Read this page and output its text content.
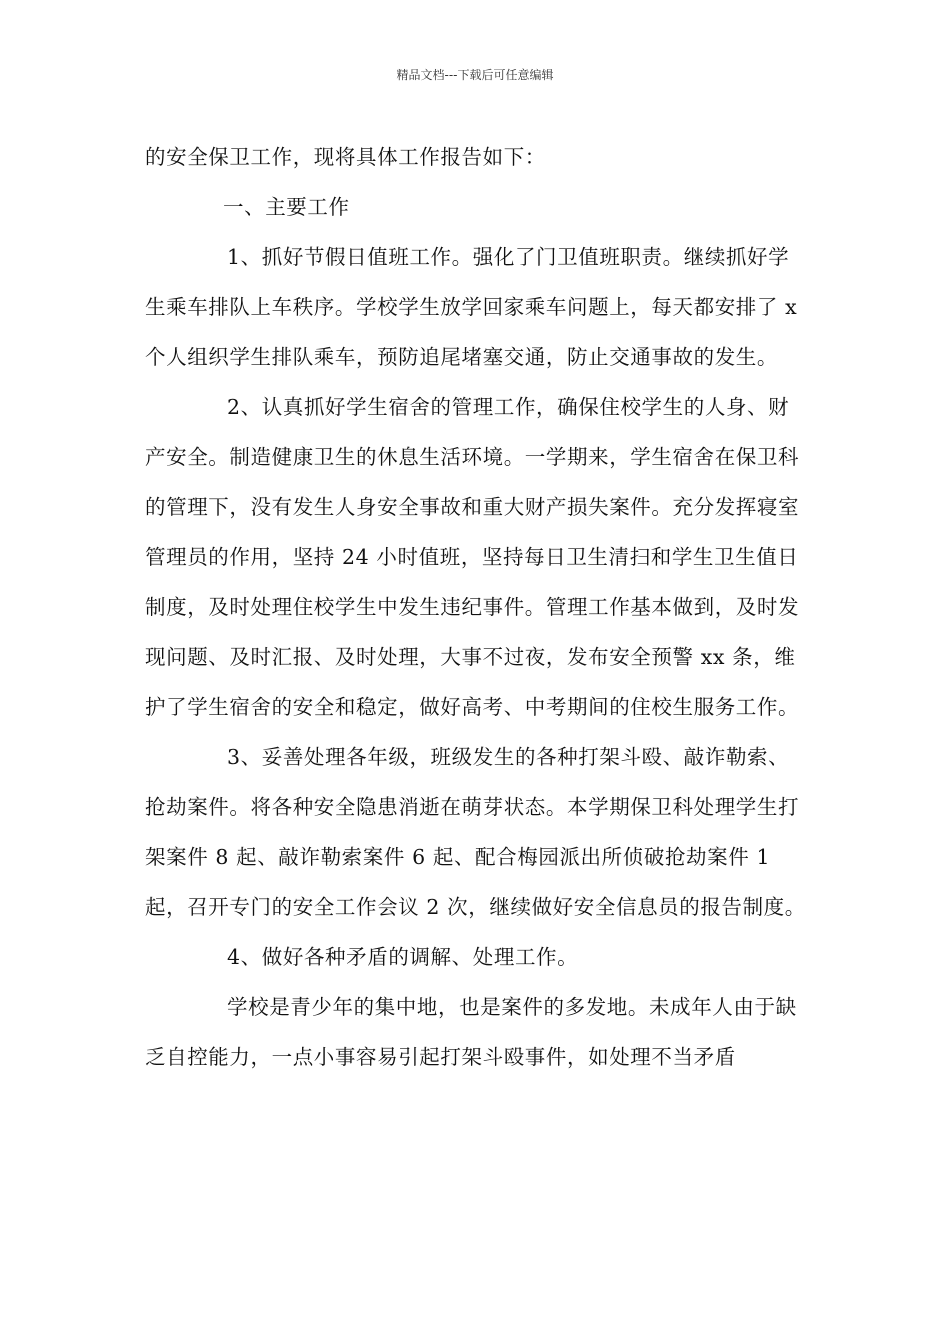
精品文档---下载后可任意编辑

的安全保卫工作，现将具体工作报告如下：

一、主要工作

1、抓好节假日值班工作。强化了门卫值班职责。继续抓好学生乘车排队上车秩序。学校学生放学回家乘车问题上，每天都安排了 x 个人组织学生排队乘车，预防追尾堵塞交通，防止交通事故的发生。

2、认真抓好学生宿舍的管理工作，确保住校学生的人身、财产安全。制造健康卫生的休息生活环境。一学期来，学生宿舍在保卫科的管理下，没有发生人身安全事故和重大财产损失案件。充分发挥寝室管理员的作用，坚持 24 小时值班，坚持每日卫生清扫和学生卫生值日制度，及时处理住校学生中发生违纪事件。管理工作基本做到，及时发现问题、及时汇报、及时处理，大事不过夜，发布安全预警 xx 条，维护了学生宿舍的安全和稳定，做好高考、中考期间的住校生服务工作。

3、妥善处理各年级，班级发生的各种打架斗殴、敲诈勒索、抢劫案件。将各种安全隐患消逝在萌芽状态。本学期保卫科处理学生打架案件 8 起、敲诈勒索案件 6 起、配合梅园派出所侦破抢劫案件 1 起，召开专门的安全工作会议 2 次，继续做好安全信息员的报告制度。

4、做好各种矛盾的调解、处理工作。

学校是青少年的集中地，也是案件的多发地。未成年人由于缺乏自控能力，一点小事容易引起打架斗殴事件，如处理不当矛盾
